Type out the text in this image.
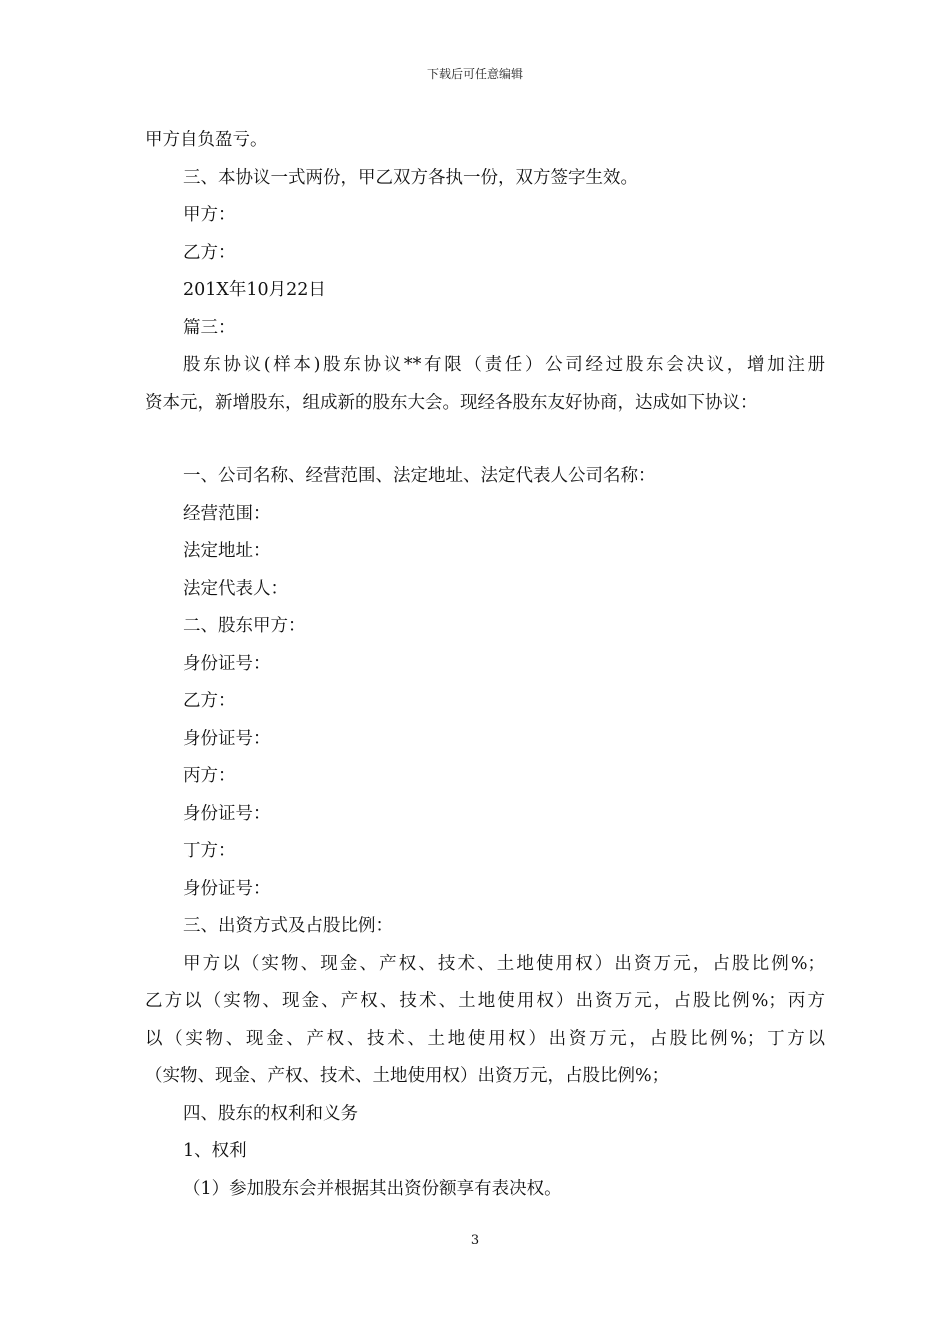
下载后可任意编辑
甲方自负盈亏。
三、本协议一式两份，甲乙双方各执一份，双方签字生效。
甲方：
乙方：
201X年10月22日
篇三：
股东协议(样本)股东协议**有限（责任）公司经过股东会决议，增加注册
资本元，新增股东，组成新的股东大会。现经各股东友好协商，达成如下协议：
一、公司名称、经营范围、法定地址、法定代表人公司名称：
经营范围：
法定地址：
法定代表人：
二、股东甲方：
身份证号：
乙方：
身份证号：
丙方：
身份证号：
丁方：
身份证号：
三、出资方式及占股比例：
甲方以（实物、现金、产权、技术、土地使用权）出资万元，占股比例%；
乙方以（实物、现金、产权、技术、土地使用权）出资万元，占股比例%；丙方
以（实物、现金、产权、技术、土地使用权）出资万元，占股比例%；丁方以
（实物、现金、产权、技术、土地使用权）出资万元，占股比例%；
四、股东的权利和义务
1、权利
（1）参加股东会并根据其出资份额享有表决权。
3
